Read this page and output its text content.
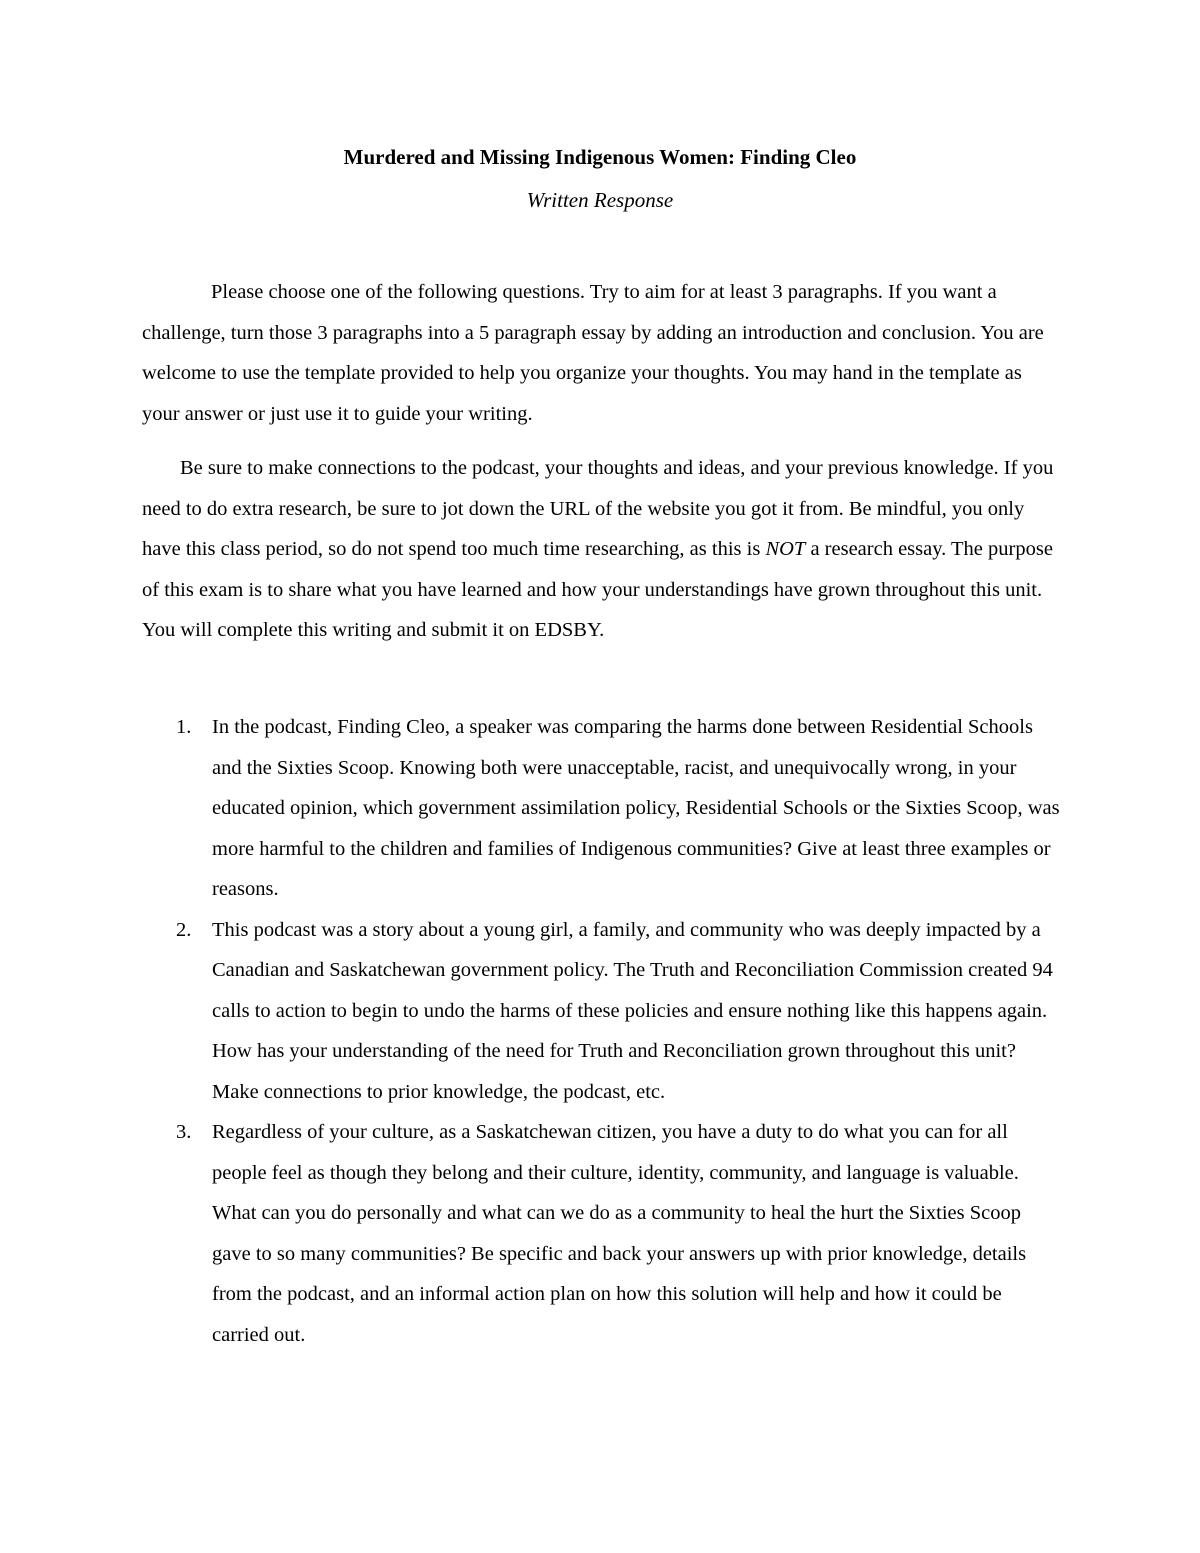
Murdered and Missing Indigenous Women: Finding Cleo
Written Response

Please choose one of the following questions. Try to aim for at least 3 paragraphs. If you want a challenge, turn those 3 paragraphs into a 5 paragraph essay by adding an introduction and conclusion. You are welcome to use the template provided to help you organize your thoughts. You may hand in the template as your answer or just use it to guide your writing.

Be sure to make connections to the podcast, your thoughts and ideas, and your previous knowledge. If you need to do extra research, be sure to jot down the URL of the website you got it from. Be mindful, you only have this class period, so do not spend too much time researching, as this is NOT a research essay. The purpose of this exam is to share what you have learned and how your understandings have grown throughout this unit. You will complete this writing and submit it on EDSBY.

1. In the podcast, Finding Cleo, a speaker was comparing the harms done between Residential Schools and the Sixties Scoop. Knowing both were unacceptable, racist, and unequivocally wrong, in your educated opinion, which government assimilation policy, Residential Schools or the Sixties Scoop, was more harmful to the children and families of Indigenous communities? Give at least three examples or reasons.
2. This podcast was a story about a young girl, a family, and community who was deeply impacted by a Canadian and Saskatchewan government policy. The Truth and Reconciliation Commission created 94 calls to action to begin to undo the harms of these policies and ensure nothing like this happens again. How has your understanding of the need for Truth and Reconciliation grown throughout this unit? Make connections to prior knowledge, the podcast, etc.
3. Regardless of your culture, as a Saskatchewan citizen, you have a duty to do what you can for all people feel as though they belong and their culture, identity, community, and language is valuable. What can you do personally and what can we do as a community to heal the hurt the Sixties Scoop gave to so many communities? Be specific and back your answers up with prior knowledge, details from the podcast, and an informal action plan on how this solution will help and how it could be carried out.
